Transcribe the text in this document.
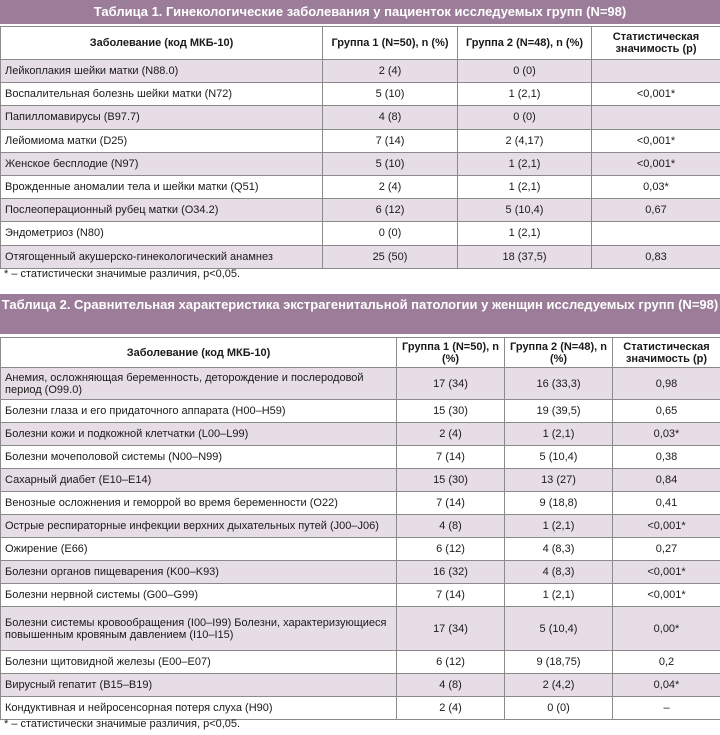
Таблица 1. Гинекологические заболевания у пациенток исследуемых групп (N=98)
Заболевание (код МКБ-10)	Группа 1 (N=50), n (%)	Группа 2 (N=48), n (%)	Статистическая значимость (p)
Лейкоплакия шейки матки (N88.0)	2 (4)	0 (0)	
Воспалительная болезнь шейки матки (N72)	5 (10)	1 (2,1)	<0,001*
Папилломавирусы (B97.7)	4 (8)	0 (0)	
Лейомиома матки (D25)	7 (14)	2 (4,17)	<0,001*
Женское бесплодие (N97)	5 (10)	1 (2,1)	<0,001*
Врожденные аномалии тела и шейки матки (Q51)	2 (4)	1 (2,1)	0,03*
Послеоперационный рубец матки (O34.2)	6 (12)	5 (10,4)	0,67
Эндометриоз (N80)	0 (0)	1 (2,1)	
Отягощенный акушерско-гинекологический анамнез	25 (50)	18 (37,5)	0,83
* – статистически значимые различия, p<0,05.
Таблица 2. Сравнительная характеристика экстрагенитальной патологии у женщин исследуемых групп (N=98)
Заболевание (код МКБ-10)	Группа 1 (N=50), n (%)	Группа 2 (N=48), n (%)	Статистическая значимость (p)
Анемия, осложняющая беременность, деторождение и послеродовой период (O99.0)	17 (34)	16 (33,3)	0,98
Болезни глаза и его придаточного аппарата (H00–H59)	15 (30)	19 (39,5)	0,65
Болезни кожи и подкожной клетчатки (L00–L99)	2 (4)	1 (2,1)	0,03*
Болезни мочеполовой системы (N00–N99)	7 (14)	5 (10,4)	0,38
Сахарный диабет (E10–E14)	15 (30)	13 (27)	0,84
Венозные осложнения и геморрой во время беременности (O22)	7 (14)	9 (18,8)	0,41
Острые респираторные инфекции верхних дыхательных путей (J00–J06)	4 (8)	1 (2,1)	<0,001*
Ожирение (E66)	6 (12)	4 (8,3)	0,27
Болезни органов пищеварения (K00–K93)	16 (32)	4 (8,3)	<0,001*
Болезни нервной системы (G00–G99)	7 (14)	1 (2,1)	<0,001*
Болезни системы кровообращения (I00–I99) Болезни, характеризующиеся повышенным кровяным давлением (I10–I15)	17 (34)	5 (10,4)	0,00*
Болезни щитовидной железы (E00–E07)	6 (12)	9 (18,75)	0,2
Вирусный гепатит (B15–B19)	4 (8)	2 (4,2)	0,04*
Кондуктивная и нейросенсорная потеря слуха (H90)	2 (4)	0 (0)	–
* – статистически значимые различия, p<0,05.
